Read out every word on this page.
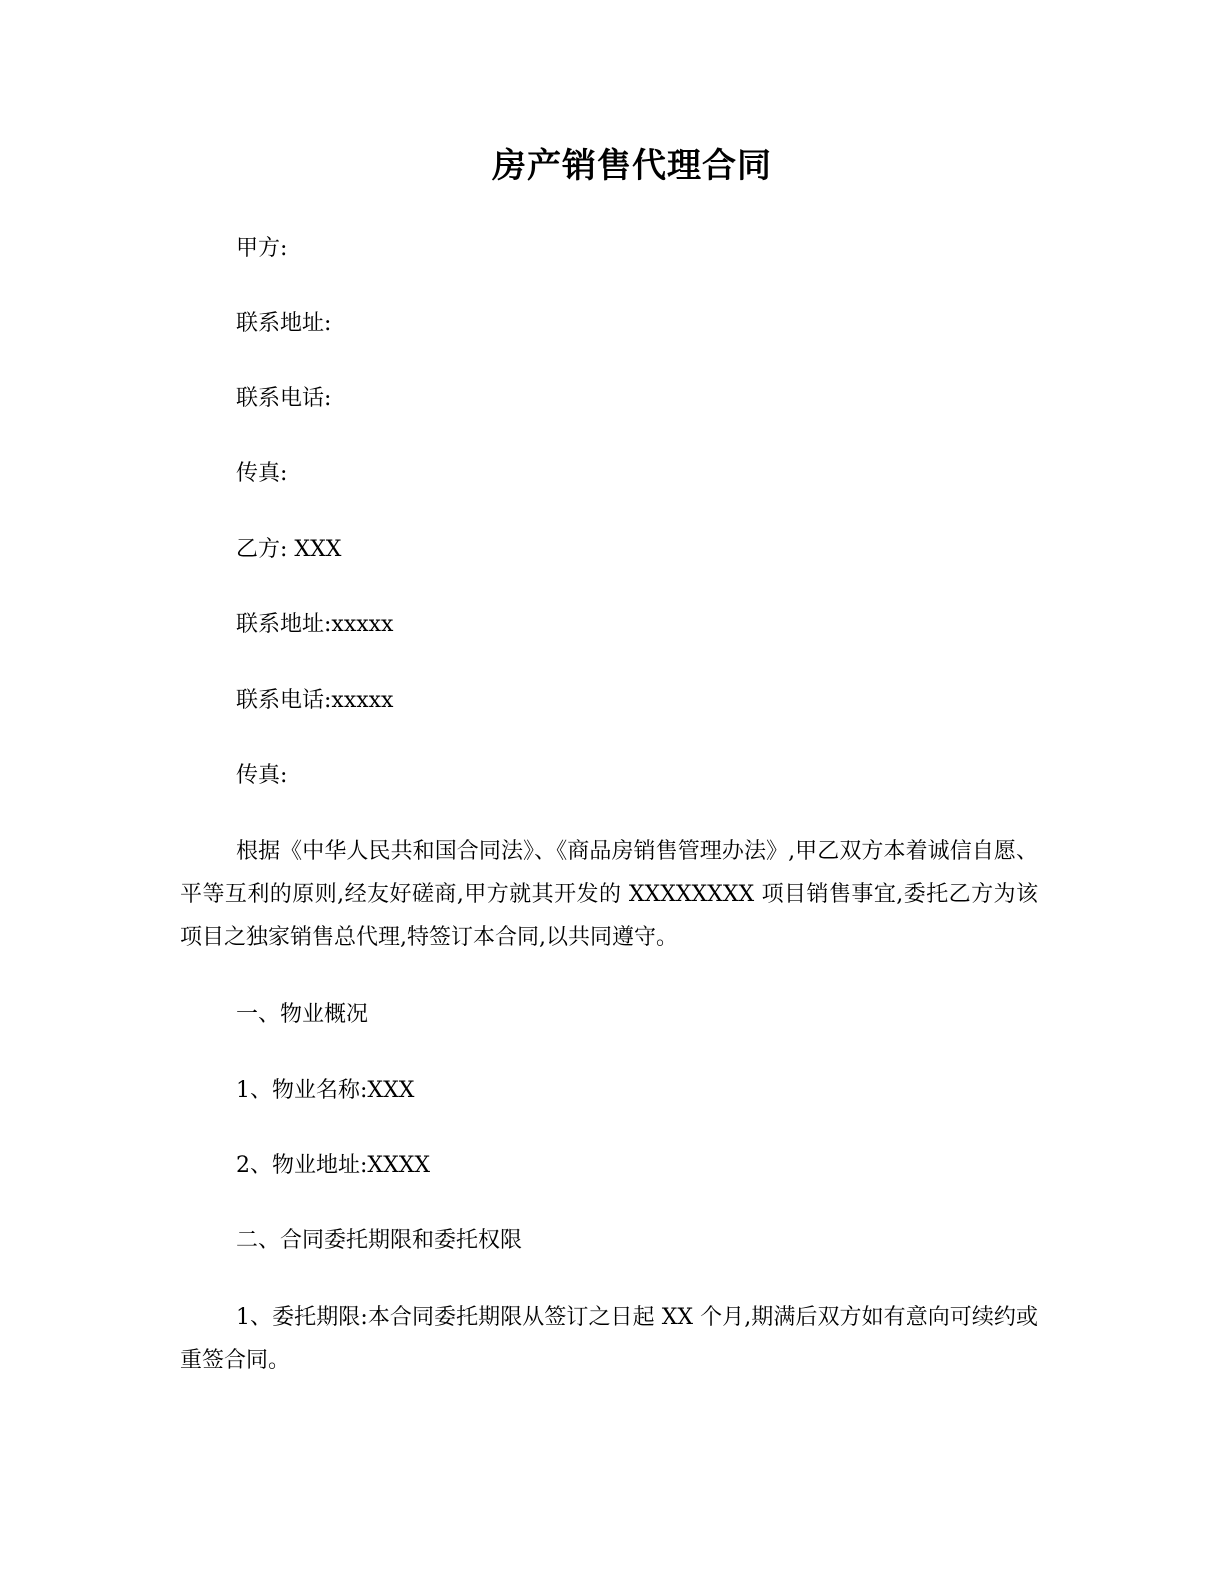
房产销售代理合同
甲方:
联系地址:
联系电话:
传真:
乙方: XXX
联系地址:xxxxx
联系电话:xxxxx
传真:
根据《中华人民共和国合同法》、《商品房销售管理办法》,甲乙双方本着诚信自愿、平等互利的原则,经友好磋商,甲方就其开发的 XXXXXXXX 项目销售事宜,委托乙方为该项目之独家销售总代理,特签订本合同,以共同遵守。
一、物业概况
1、物业名称:XXX
2、物业地址:XXXX
二、合同委托期限和委托权限
1、委托期限:本合同委托期限从签订之日起 XX 个月,期满后双方如有意向可续约或重签合同。
